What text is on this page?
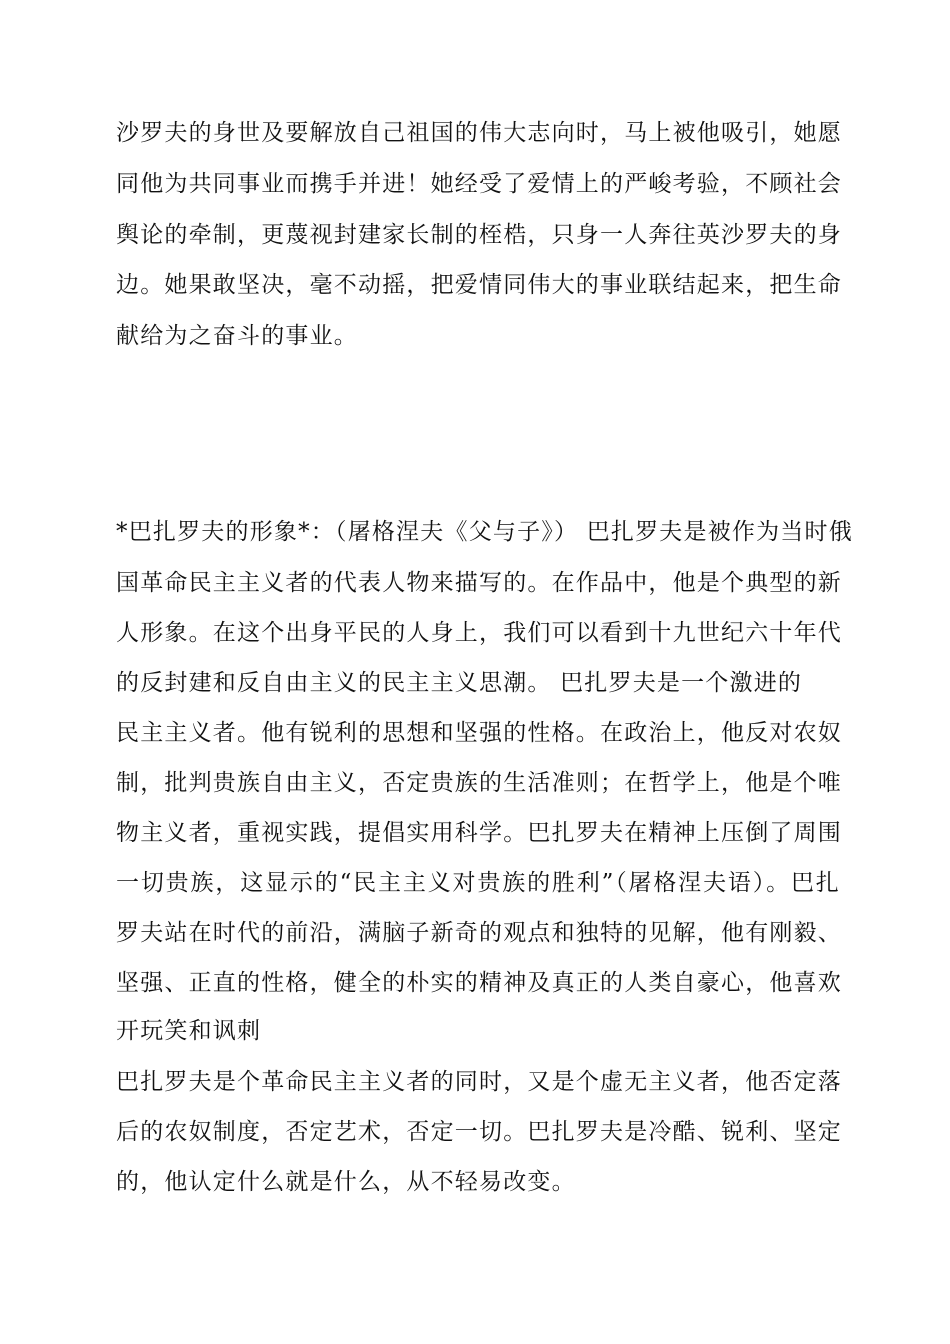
沙罗夫的身世及要解放自己祖国的伟大志向时，马上被他吸引，她愿
同他为共同事业而携手并进！她经受了爱情上的严峻考验，不顾社会
舆论的牵制，更蔑视封建家长制的桎梏，只身一人奔往英沙罗夫的身
边。她果敢坚决，毫不动摇，把爱情同伟大的事业联结起来，把生命
献给为之奋斗的事业。
*巴扎罗夫的形象*：（屠格涅夫《父与子》） 巴扎罗夫是被作为当时俄
国革命民主主义者的代表人物来描写的。在作品中，他是个典型的新
人形象。在这个出身平民的人身上，我们可以看到十九世纪六十年代
的反封建和反自由主义的民主主义思潮。 巴扎罗夫是一个激进的
民主主义者。他有锐利的思想和坚强的性格。在政治上，他反对农奴
制，批判贵族自由主义，否定贵族的生活准则；在哲学上，他是个唯
物主义者，重视实践，提倡实用科学。巴扎罗夫在精神上压倒了周围
一切贵族，这显示的“民主主义对贵族的胜利”（屠格涅夫语）。巴扎
罗夫站在时代的前沿，满脑子新奇的观点和独特的见解，他有刚毅、
坚强、正直的性格，健全的朴实的精神及真正的人类自豪心，他喜欢
开玩笑和讽刺
巴扎罗夫是个革命民主主义者的同时，又是个虚无主义者，他否定落
后的农奴制度，否定艺术，否定一切。巴扎罗夫是冷酷、锐利、坚定
的，他认定什么就是什么，从不轻易改变。
